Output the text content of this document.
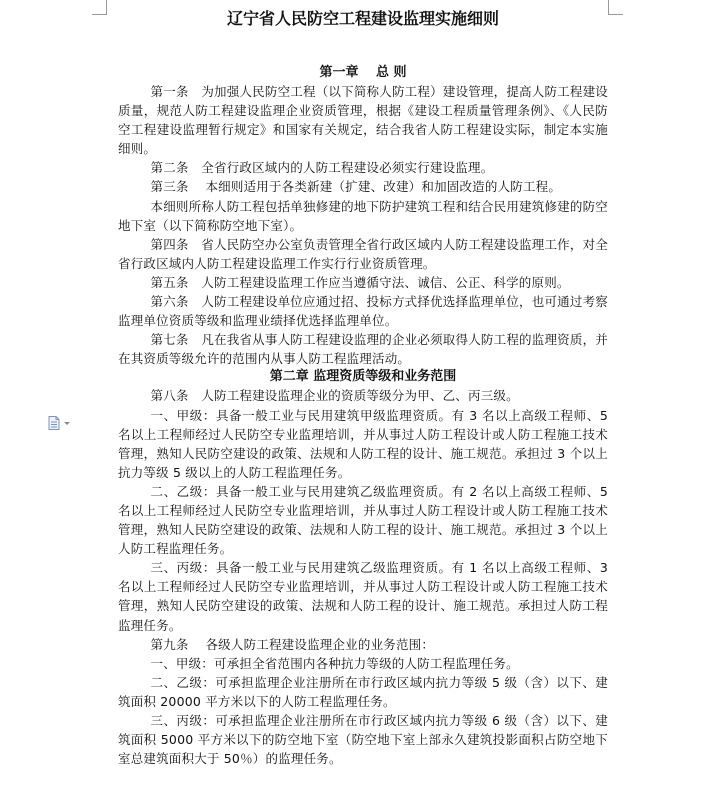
辽宁省人民防空工程建设监理实施细则
第一章　 总 则

第一条　为加强人民防空工程（以下简称人防工程）建设管理，提高人防工程建设质量，规范人防工程建设监理企业资质管理，根据《建设工程质量管理条例》、《人民防空工程建设监理暂行规定》和国家有关规定，结合我省人防工程建设实际，制定本实施细则。

第二条　全省行政区域内的人防工程建设必须实行建设监理。

第三条　 本细则适用于各类新建（扩建、改建）和加固改造的人防工程。

本细则所称人防工程包括单独修建的地下防护建筑工程和结合民用建筑修建的防空地下室（以下简称防空地下室）。

第四条　省人民防空办公室负责管理全省行政区域内人防工程建设监理工作，对全省行政区域内人防工程建设监理工作实行行业资质管理。

第五条　人防工程建设监理工作应当遵循守法、诚信、公正、科学的原则。

第六条　人防工程建设单位应通过招、投标方式择优选择监理单位，也可通过考察监理单位资质等级和监理业绩择优选择监理单位。

第七条　凡在我省从事人防工程建设监理的企业必须取得人防工程的监理资质，并在其资质等级允许的范围内从事人防工程监理活动。

第二章 监理资质等级和业务范围

第八条　人防工程建设监理企业的资质等级分为甲、乙、丙三级。

一、甲级：具备一般工业与民用建筑甲级监理资质。有 3 名以上高级工程师、5 名以上工程师经过人民防空专业监理培训，并从事过人防工程设计或人防工程施工技术管理，熟知人民防空建设的政策、法规和人防工程的设计、施工规范。承担过 3 个以上抗力等级 5 级以上的人防工程监理任务。

二、乙级：具备一般工业与民用建筑乙级监理资质。有 2 名以上高级工程师、5 名以上工程师经过人民防空专业监理培训，并从事过人防工程设计或人防工程施工技术管理，熟知人民防空建设的政策、法规和人防工程的设计、施工规范。承担过 3 个以上人防工程监理任务。

三、丙级：具备一般工业与民用建筑乙级监理资质。有 1 名以上高级工程师、3 名以上工程师经过人民防空专业监理培训，并从事过人防工程设计或人防工程施工技术管理，熟知人民防空建设的政策、法规和人防工程的设计、施工规范。承担过人防工程监理任务。

第九条　 各级人防工程建设监理企业的业务范围：

一、甲级：可承担全省范围内各种抗力等级的人防工程监理任务。

二、乙级：可承担监理企业注册所在市行政区域内抗力等级 5 级（含）以下、建筑面积 20000 平方米以下的人防工程监理任务。

三、丙级：可承担监理企业注册所在市行政区域内抗力等级 6 级（含）以下、建筑面积 5000 平方米以下的防空地下室（防空地下室上部永久建筑投影面积占防空地下室总建筑面积大于 50％）的监理任务。
